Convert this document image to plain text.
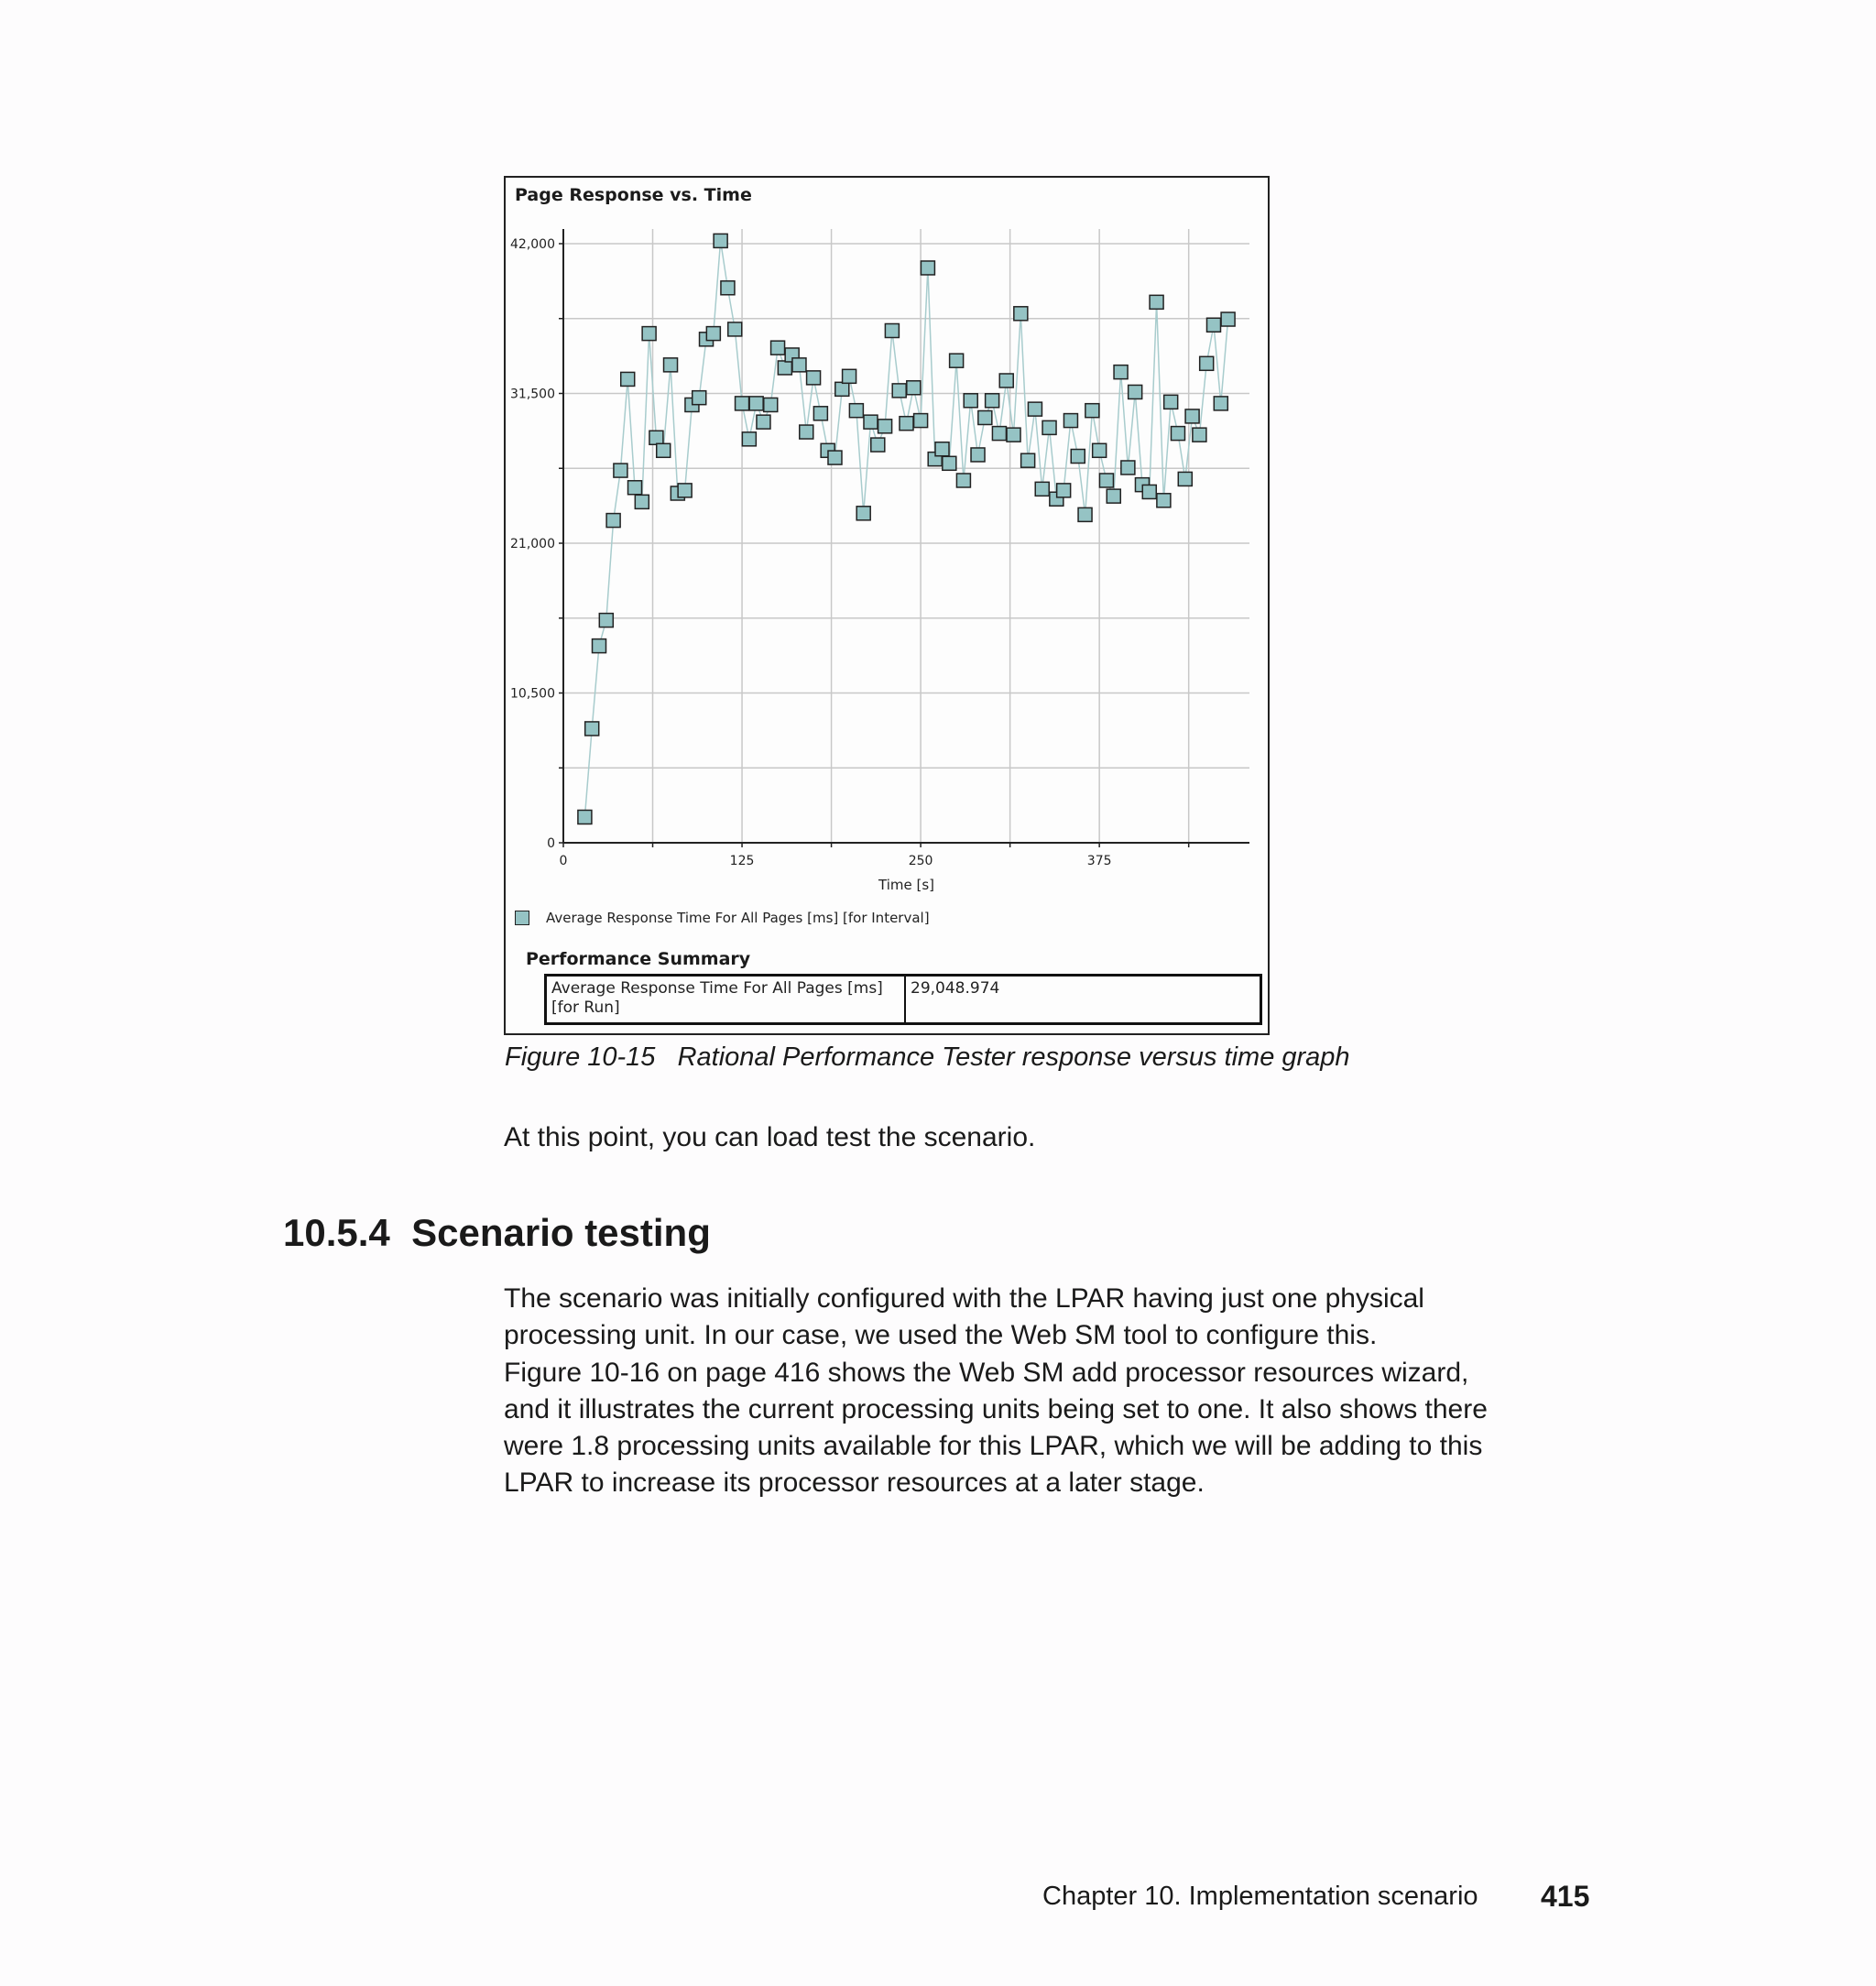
Page Response vs. Time
0
10,500
21,000
31,500
42,000
0	125	250	375
Time [s]
Average Response Time For All Pages [ms] [for Interval]
Performance Summary
Average Response Time For All Pages [ms]
[for Run]
29,048.974
Figure 10-15   Rational Performance Tester response versus time graph
At this point, you can load test the scenario.
10.5.4  Scenario testing
The scenario was initially configured with the LPAR having just one physical
processing unit. In our case, we used the Web SM tool to configure this.
Figure 10-16 on page 416 shows the Web SM add processor resources wizard,
and it illustrates the current processing units being set to one. It also shows there
were 1.8 processing units available for this LPAR, which we will be adding to this
LPAR to increase its processor resources at a later stage.
Chapter 10. Implementation scenario 415
